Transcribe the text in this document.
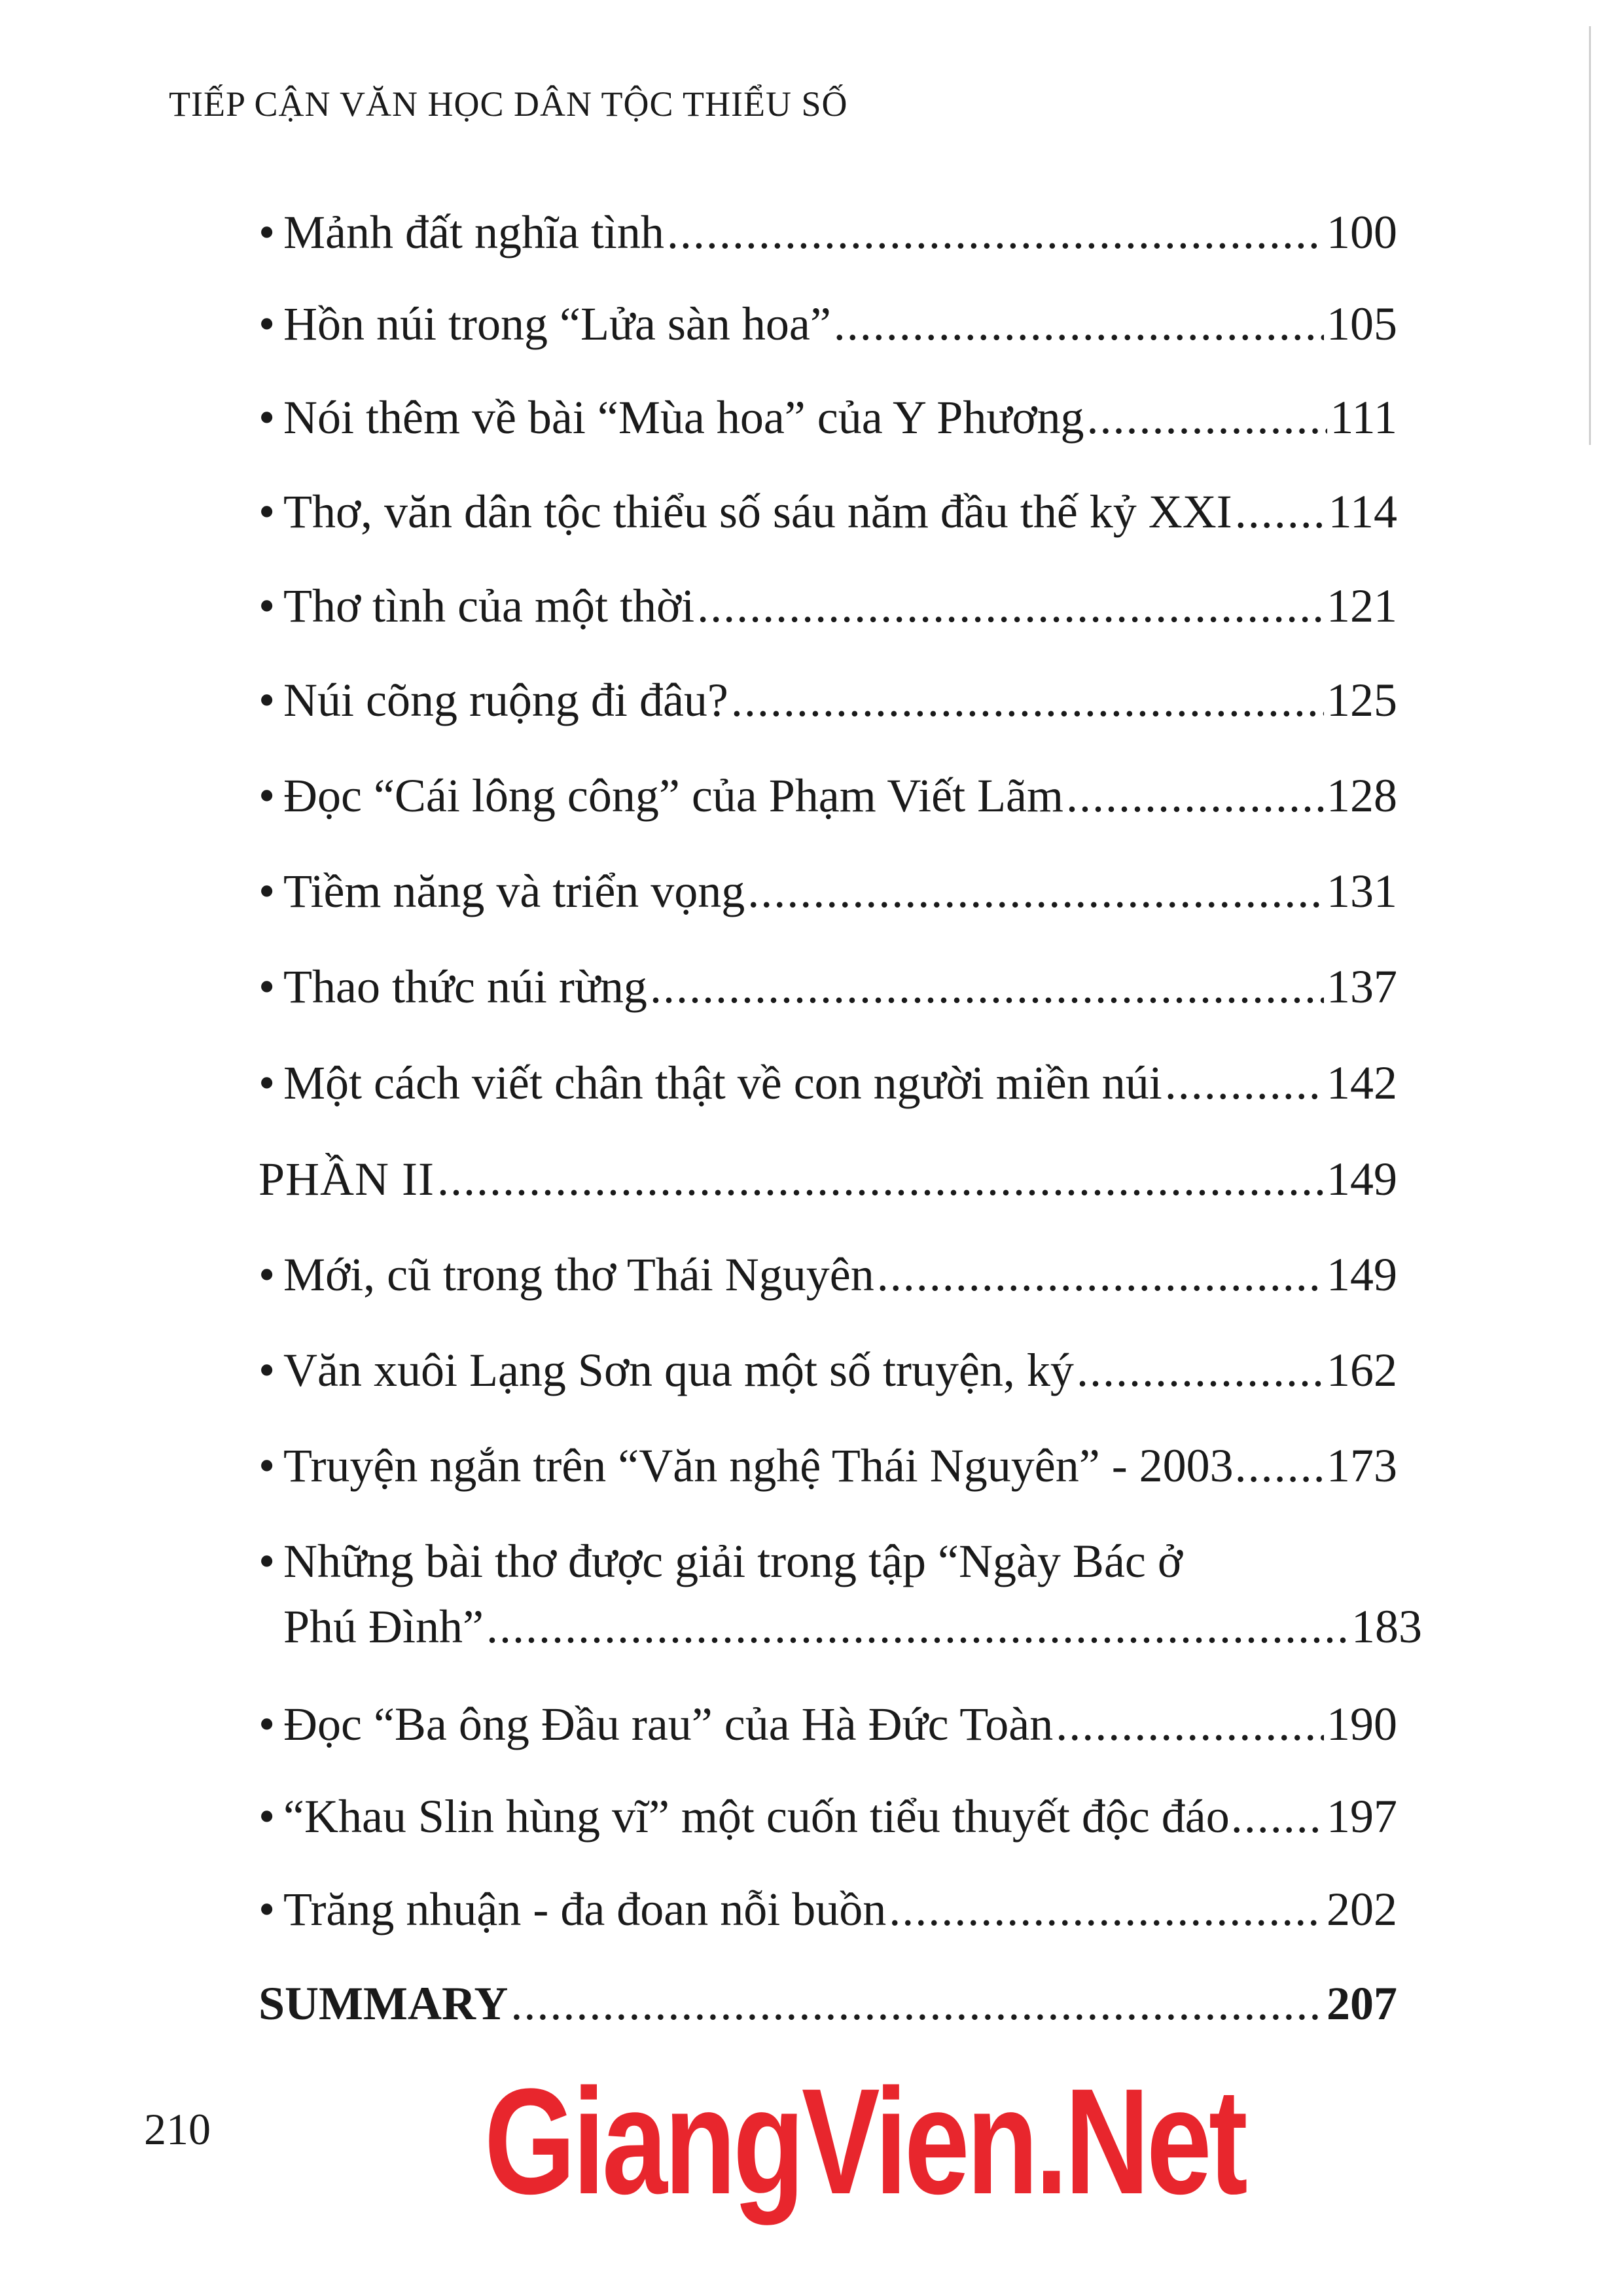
TIẾP CẬN VĂN HỌC DÂN TỘC THIỂU SỐ
• Mảnh đất nghĩa tình .....	100
• Hồn núi trong “Lửa sàn hoa” .....	105
• Nói thêm về bài “Mùa hoa” của Y Phương .....	111
• Thơ, văn dân tộc thiểu số sáu năm đầu thế kỷ XXI ..... 114
• Thơ tình của một thời .....	121
• Núi cõng ruộng đi đâu? .....	125
• Đọc “Cái lông công” của Phạm Viết Lãm .....	128
• Tiềm năng và triển vọng .....	131
• Thao thức núi rừng .....	137
• Một cách viết chân thật về con người miền núi .....	142
PHẦN II .....	149
• Mới, cũ trong thơ Thái Nguyên .....	149
• Văn xuôi Lạng Sơn qua một số truyện, ký .....	162
• Truyện ngắn trên “Văn nghệ Thái Nguyên” - 2003 ..... 173
• Những bài thơ được giải trong tập “Ngày Bác ở
Phú Đình” .....	183
• Đọc “Ba ông Đầu rau” của Hà Đức Toàn .....	190
• “Khau Slin hùng vĩ” một cuốn tiểu thuyết độc đáo ..... 197
• Trăng nhuận - đa đoan nỗi buồn .....	202
SUMMARY .....	207
210 GiangVien.Net
